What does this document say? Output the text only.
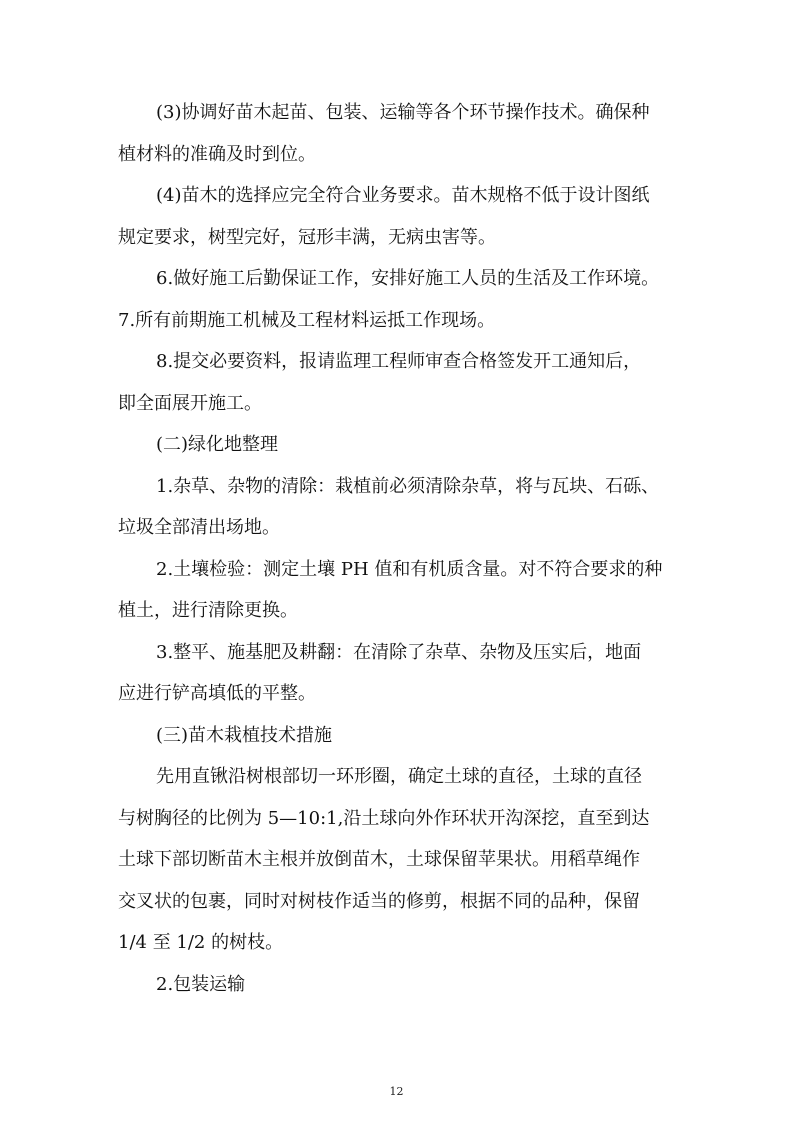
(3)协调好苗木起苗、包装、运输等各个环节操作技术。确保种
植材料的准确及时到位。
(4)苗木的选择应完全符合业务要求。苗木规格不低于设计图纸
规定要求，树型完好，冠形丰满，无病虫害等。
6.做好施工后勤保证工作，安排好施工人员的生活及工作环境。
7.所有前期施工机械及工程材料运抵工作现场。
8.提交必要资料，报请监理工程师审查合格签发开工通知后，
即全面展开施工。
(二)绿化地整理
1.杂草、杂物的清除：栽植前必须清除杂草，将与瓦块、石砾、
垃圾全部清出场地。
2.土壤检验：测定土壤 PH 值和有机质含量。对不符合要求的种
植土，进行清除更换。
3.整平、施基肥及耕翻：在清除了杂草、杂物及压实后，地面
应进行铲高填低的平整。
(三)苗木栽植技术措施
先用直锹沿树根部切一环形圈，确定土球的直径，土球的直径
与树胸径的比例为 5—10:1,沿土球向外作环状开沟深挖，直至到达
土球下部切断苗木主根并放倒苗木，土球保留苹果状。用稻草绳作
交叉状的包裹，同时对树枝作适当的修剪，根据不同的品种，保留
1/4 至 1/2 的树枝。
2.包装运输
12
